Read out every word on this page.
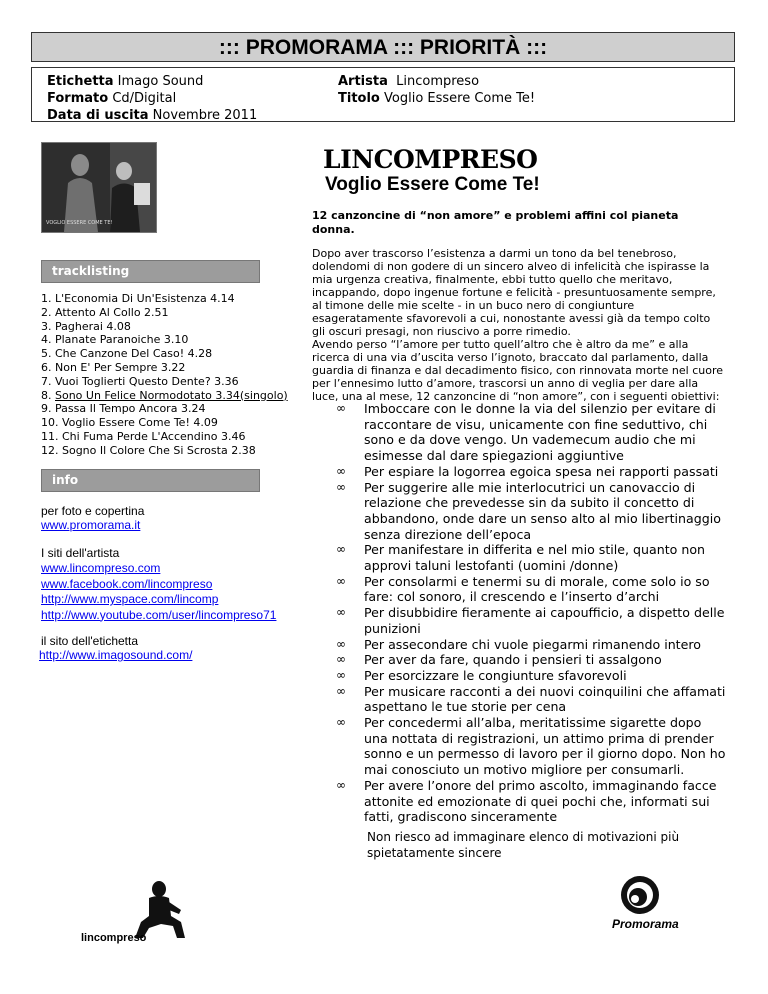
::: PROMORAMA ::: PRIORITÀ :::
Etichetta Imago Sound
Formato Cd/Digital
Data di uscita Novembre 2011
Artista Lincompreso
Titolo Voglio Essere Come Te!
VOGLIO ESSERE COME TE!
LINCOMPRESO
Voglio Essere Come Te!
12 canzoncine di “non amore” e problemi affini col pianeta donna.
Dopo aver trascorso l’esistenza a darmi un tono da bel tenebroso, dolendomi di non godere di un sincero alveo di infelicità che ispirasse la mia urgenza creativa, finalmente, ebbi tutto quello che meritavo, incappando, dopo ingenue fortune e felicità - presuntuosamente sempre, al timone delle mie scelte - in un buco nero di congiunture esageratamente sfavorevoli a cui, nonostante avessi già da tempo colto gli oscuri presagi, non riuscivo a porre rimedio.
Avendo perso “l’amore per tutto quell’altro che è altro da me” e alla ricerca di una via d’uscita verso l’ignoto, braccato dal parlamento, dalla guardia di finanza e dal decadimento fisico, con rinnovata morte nel cuore per l’ennesimo lutto d’amore, trascorsi un anno di veglia per dare alla luce, una al mese, 12 canzoncine di “non amore”, con i seguenti obiettivi:
tracklisting
1. L'Economia Di Un'Esistenza 4.14
2. Attento Al Collo 2.51
3. Pagherai 4.08
4. Planate Paranoiche 3.10
5. Che Canzone Del Caso! 4.28
6. Non E' Per Sempre 3.22
7. Vuoi Toglierti Questo Dente? 3.36
8. Sono Un Felice Normodotato 3.34(singolo)
9. Passa Il Tempo Ancora 3.24
10. Voglio Essere Come Te! 4.09
11. Chi Fuma Perde L'Accendino 3.46
12. Sogno Il Colore Che Si Scrosta 2.38
info
per foto e copertina
www.promorama.it
I siti dell'artista
www.lincompreso.com
www.facebook.com/lincompreso
http://www.myspace.com/lincomp
http://www.youtube.com/user/lincompreso71
il sito dell'etichetta
http://www.imagosound.com/
∞ Imboccare con le donne la via del silenzio per evitare di raccontare de visu, unicamente con fine seduttivo, chi sono e da dove vengo. Un vademecum audio che mi esimesse dal dare spiegazioni aggiuntive
∞ Per espiare la logorrea egoica spesa nei rapporti passati
∞ Per suggerire alle mie interlocutrici un canovaccio di relazione che prevedesse sin da subito il concetto di abbandono, onde dare un senso alto al mio libertinaggio senza direzione dell’epoca
∞ Per manifestare in differita e nel mio stile, quanto non approvi taluni lestofanti (uomini /donne)
∞ Per consolarmi e tenermi su di morale, come solo io so fare: col sonoro, il crescendo e l’inserto d’archi
∞ Per disubbidire fieramente ai capoufficio, a dispetto delle punizioni
∞ Per assecondare chi vuole piegarmi rimanendo intero
∞ Per aver da fare, quando i pensieri ti assalgono
∞ Per esorcizzare le congiunture sfavorevoli
∞ Per musicare racconti a dei nuovi coinquilini che affamati aspettano le tue storie per cena
∞ Per concedermi all’alba, meritatissime sigarette dopo una nottata di registrazioni, un attimo prima di prender sonno e un permesso di lavoro per il giorno dopo. Non ho mai conosciuto un motivo migliore per consumarli.
∞ Per avere l’onore del primo ascolto, immaginando facce attonite ed emozionate di quei pochi che, informati sui fatti, gradiscono sinceramente
Non riesco ad immaginare elenco di motivazioni più spietatamente sincere
lincompreso
Promorama
